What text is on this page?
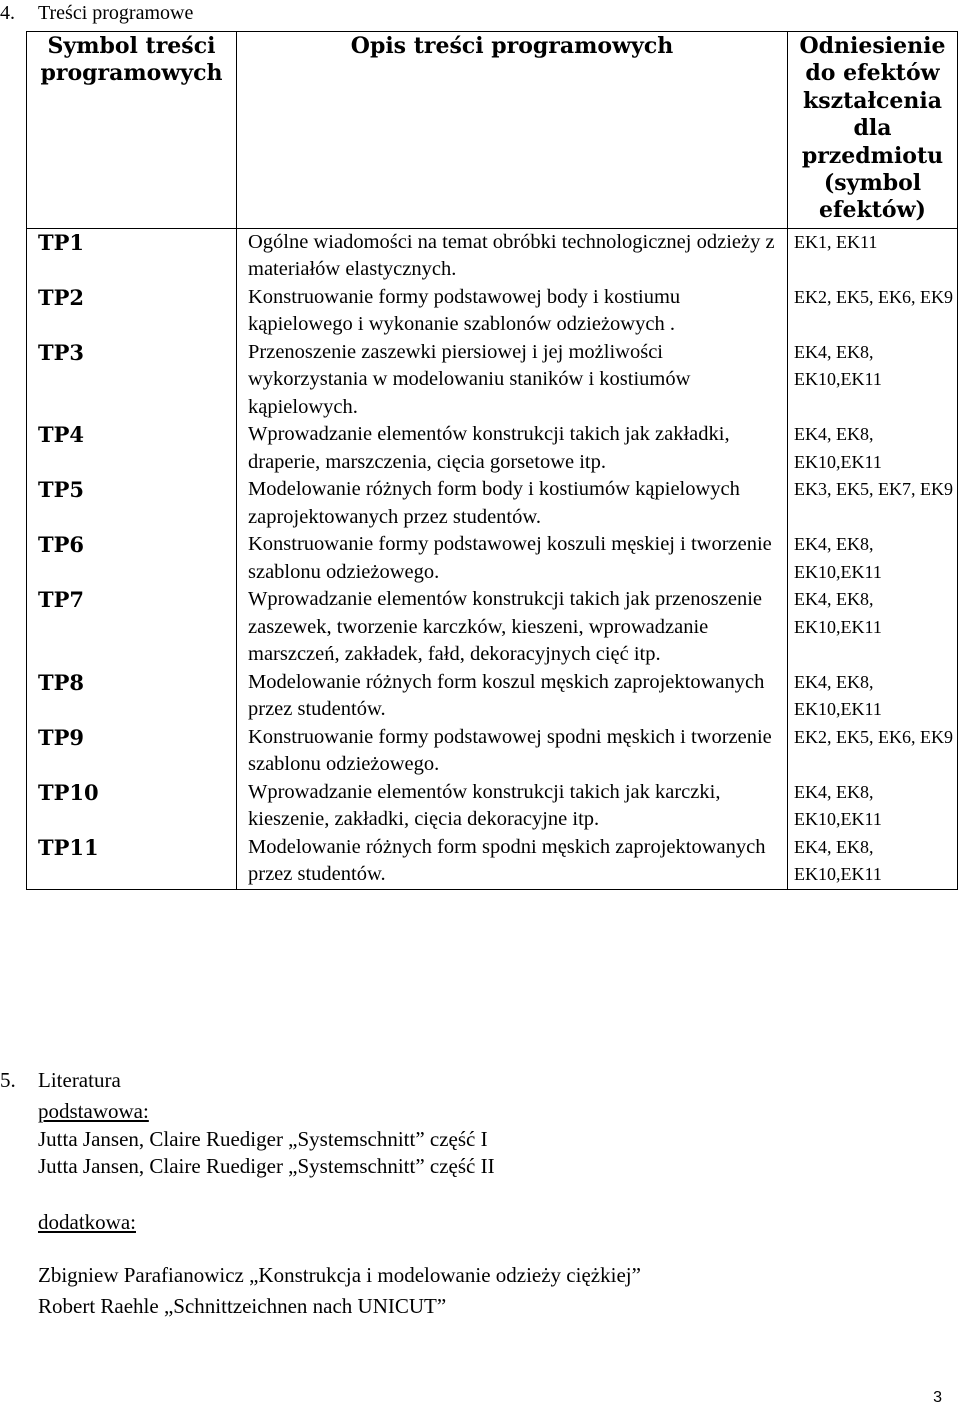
4. Treści programowe
Symbol treści programowych	Opis treści programowych	Odniesienie do efektów kształcenia dla przedmiotu (symbol efektów)
TP1	Ogólne wiadomości na temat obróbki technologicznej odzieży z materiałów elastycznych.	EK1, EK11
TP2	Konstruowanie formy podstawowej body i kostiumu kąpielowego i wykonanie szablonów odzieżowych .	EK2, EK5, EK6, EK9
TP3	Przenoszenie zaszewki piersiowej i jej możliwości wykorzystania w modelowaniu staników i kostiumów kąpielowych.	EK4, EK8, EK10,EK11
TP4	Wprowadzanie elementów konstrukcji takich jak zakładki, draperie, marszczenia, cięcia gorsetowe itp.	EK4, EK8, EK10,EK11
TP5	Modelowanie różnych form body i kostiumów kąpielowych zaprojektowanych przez studentów.	EK3, EK5, EK7, EK9
TP6	Konstruowanie formy podstawowej koszuli męskiej i tworzenie szablonu odzieżowego.	EK4, EK8, EK10,EK11
TP7	Wprowadzanie elementów konstrukcji takich jak przenoszenie zaszewek, tworzenie karczków, kieszeni, wprowadzanie marszczeń, zakładek, fałd, dekoracyjnych cięć itp.	EK4, EK8, EK10,EK11
TP8	Modelowanie różnych form koszul męskich zaprojektowanych przez studentów.	EK4, EK8, EK10,EK11
TP9	Konstruowanie formy podstawowej spodni męskich i tworzenie szablonu odzieżowego.	EK2, EK5, EK6, EK9
TP10	Wprowadzanie elementów konstrukcji takich jak karczki, kieszenie, zakładki, cięcia dekoracyjne itp.	EK4, EK8, EK10,EK11
TP11	Modelowanie różnych form spodni męskich zaprojektowanych przez studentów.	EK4, EK8, EK10,EK11
5. Literatura
podstawowa:
Jutta Jansen, Claire Ruediger „Systemschnitt” część I
Jutta Jansen, Claire Ruediger „Systemschnitt” część II
dodatkowa:
Zbigniew Parafianowicz „Konstrukcja i modelowanie odzieży ciężkiej”
Robert Raehle „Schnittzeichnen nach UNICUT”
3
